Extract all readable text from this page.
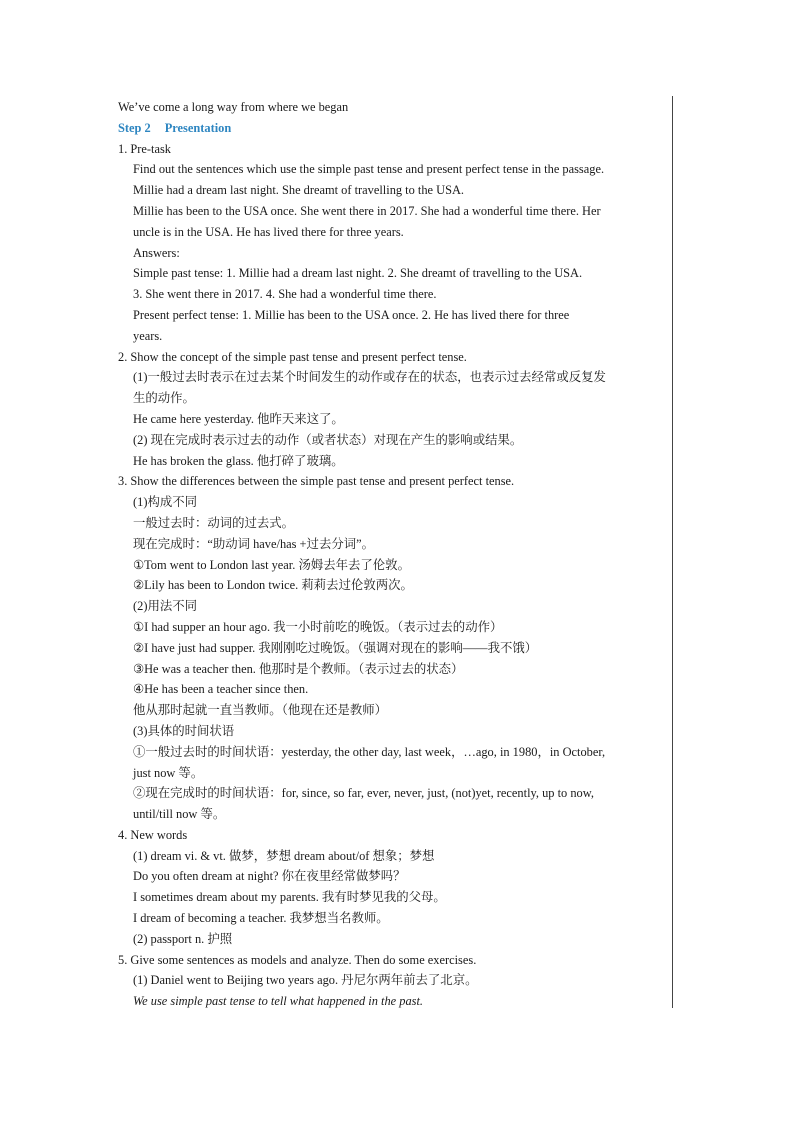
We’ve come a long way from where we began
Step 2 Presentation
1. Pre-task
Find out the sentences which use the simple past tense and present perfect tense in the passage.
Millie had a dream last night. She dreamt of travelling to the USA.
Millie has been to the USA once. She went there in 2017. She had a wonderful time there. Her
uncle is in the USA. He has lived there for three years.
Answers:
Simple past tense: 1. Millie had a dream last night. 2. She dreamt of travelling to the USA.
3. She went there in 2017. 4. She had a wonderful time there.
Present perfect tense: 1. Millie has been to the USA once. 2. He has lived there for three
years.
2. Show the concept of the simple past tense and present perfect tense.
(1)一般过去时表示在过去某个时间发生的动作或存在的状态，也表示过去经常或反复发
生的动作。
He came here yesterday. 他昨天来这了。
(2) 现在完成时表示过去的动作（或者状态）对现在产生的影响或结果。
He has broken the glass. 他打碎了玻璃。
3. Show the differences between the simple past tense and present perfect tense.
(1)构成不同
一般过去时：动词的过去式。
现在完成时：“助动词 have/has +过去分词”。
①Tom went to London last year. 汤姆去年去了伦敦。
②Lily has been to London twice. 莉莉去过伦敦两次。
(2)用法不同
①I had supper an hour ago. 我一小时前吃的晚饭。（表示过去的动作）
②I have just had supper. 我刚刚吃过晚饭。（强调对现在的影响——我不饿）
③He was a teacher then. 他那时是个教师。（表示过去的状态）
④He has been a teacher since then.
他从那时起就一直当教师。（他现在还是教师）
(3)具体的时间状语
①一般过去时的时间状语：yesterday, the other day, last week，…ago, in 1980，in October,
just now 等。
②现在完成时的时间状语：for, since, so far, ever, never, just, (not)yet, recently, up to now,
until/till now 等。
4. New words
(1) dream vi. & vt. 做梦，梦想 dream about/of 想象；梦想
Do you often dream at night? 你在夜里经常做梦吗？
I sometimes dream about my parents. 我有时梦见我的父母。
I dream of becoming a teacher. 我梦想当名教师。
(2) passport n. 护照
5. Give some sentences as models and analyze. Then do some exercises.
(1) Daniel went to Beijing two years ago. 丹尼尔两年前去了北京。
We use simple past tense to tell what happened in the past.
